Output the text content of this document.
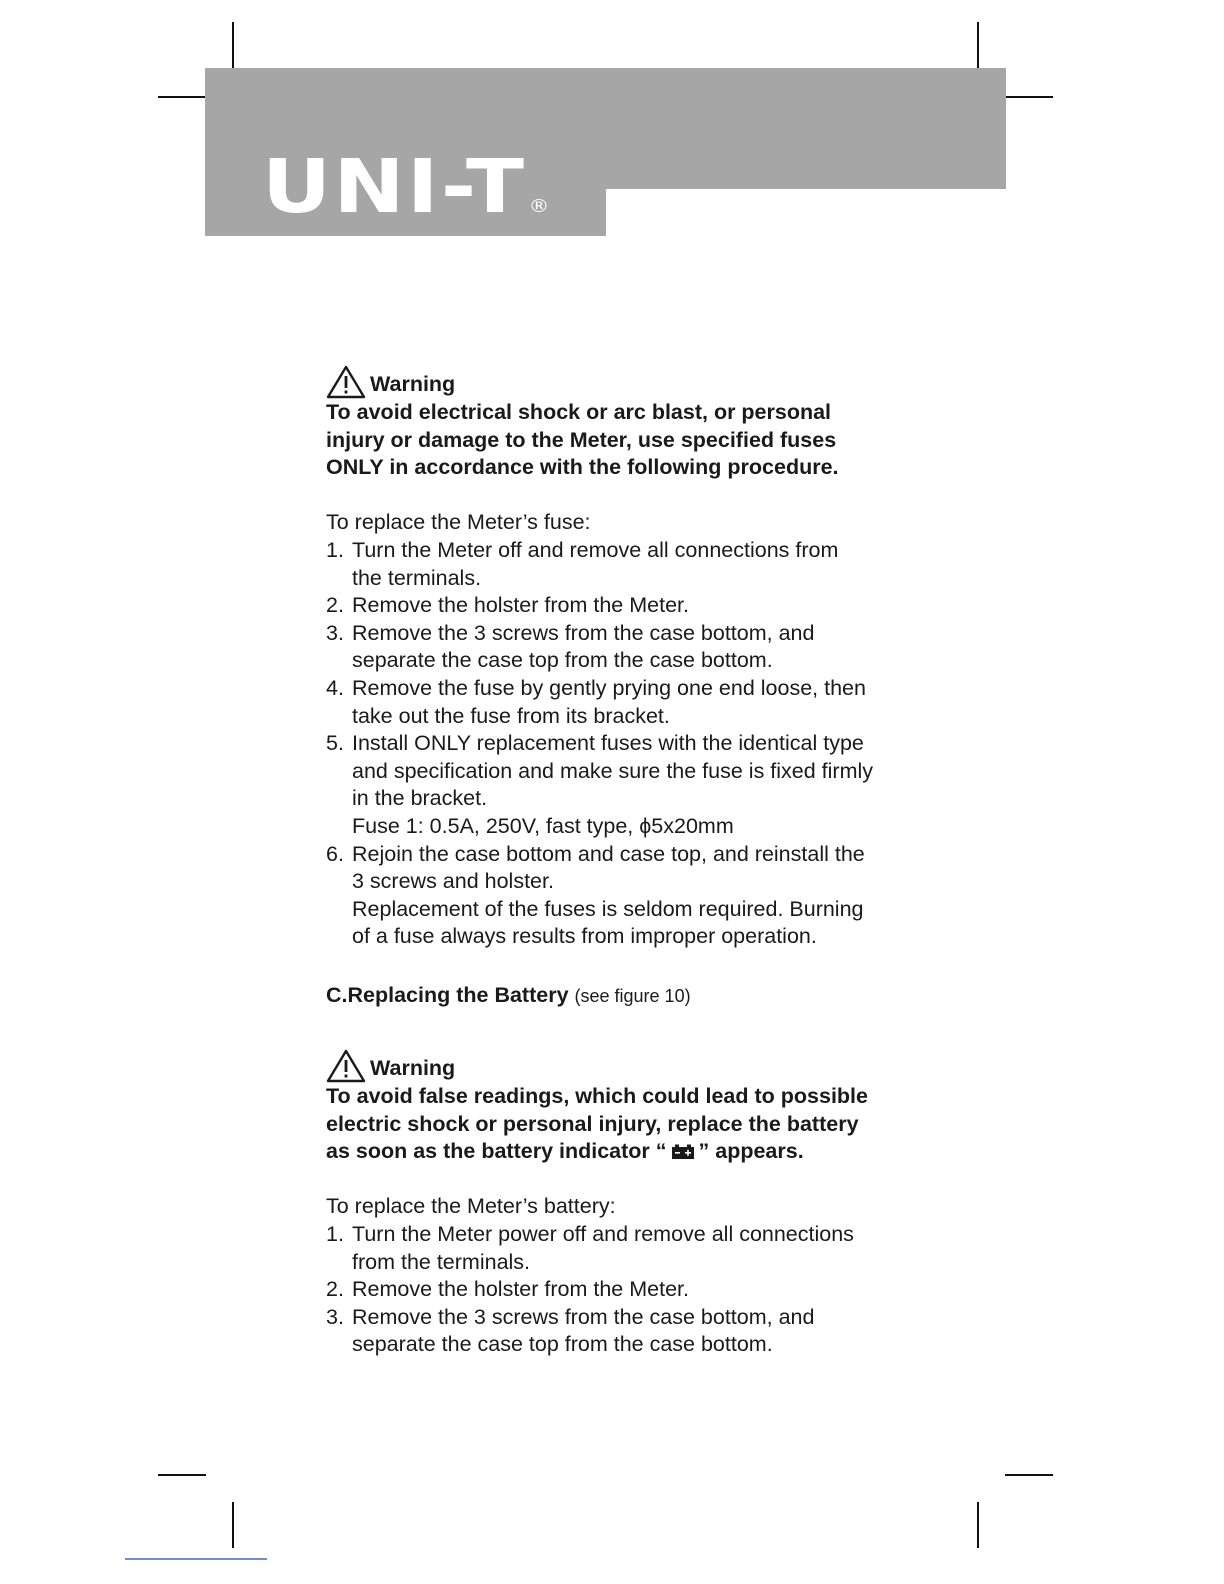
UNI-T ®
Warning
To avoid electrical shock or arc blast, or personal
injury or damage to the Meter, use specified fuses
ONLY in accordance with the following procedure.
To replace the Meter’s fuse:
1. Turn the Meter off and remove all connections from
the terminals.
2. Remove the holster from the Meter.
3. Remove the 3 screws from the case bottom, and
separate the case top from the case bottom.
4. Remove the fuse by gently prying one end loose, then
take out the fuse from its bracket.
5. Install ONLY replacement fuses with the identical type
and specification and make sure the fuse is fixed firmly
in the bracket.
Fuse 1: 0.5A, 250V, fast type, ϕ5x20mm
6. Rejoin the case bottom and case top, and reinstall the
3 screws and holster.
Replacement of the fuses is seldom required. Burning
of a fuse always results from improper operation.
C.Replacing the Battery (see figure 10)
Warning
To avoid false readings, which could lead to possible
electric shock or personal injury, replace the battery
as soon as the battery indicator “ ” appears.
To replace the Meter’s battery:
1. Turn the Meter power off and remove all connections
from the terminals.
2. Remove the holster from the Meter.
3. Remove the 3 screws from the case bottom, and
separate the case top from the case bottom.
